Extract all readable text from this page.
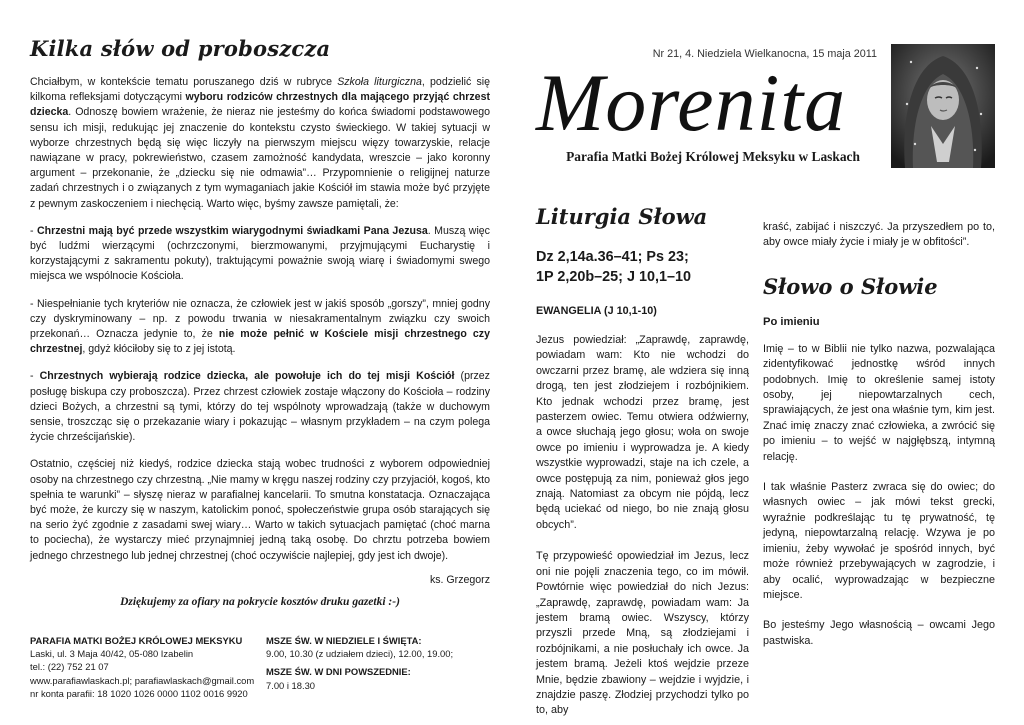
Kilka słów od proboszcza

Chciałbym, w kontekście tematu poruszanego dziś w rubryce Szkoła liturgiczna, podzielić się kilkoma refleksjami dotyczącymi wyboru rodziców chrzestnych dla mającego przyjąć chrzest dziecka. Odnoszę bowiem wrażenie, że nieraz nie jesteśmy do końca świadomi podstawowego sensu ich misji, redukując jej znaczenie do kontekstu czysto świeckiego. W takiej sytuacji w wyborze chrzestnych będą się więc liczyły na pierwszym miejscu więzy towarzyskie, relacje nawiązane w pracy, pokrewieństwo, czasem zamożność kandydata, wreszcie – jako koronny argument – przekonanie, że „dziecku się nie odmawia”… Przypomnienie o religijnej naturze zadań chrzestnych i o związanych z tym wymaganiach jakie Kościół im stawia może być przyjęte z pewnym zaskoczeniem i niechęcią. Warto więc, byśmy zawsze pamiętali, że:

- Chrzestni mają być przede wszystkim wiarygodnymi świadkami Pana Jezusa. Muszą więc być ludźmi wierzącymi (ochrzczonymi, bierzmowanymi, przyjmującymi Eucharystię i korzystającymi z sakramentu pokuty), traktującymi poważnie swoją wiarę i świadomymi swego miejsca we wspólnocie Kościoła.

- Niespełnianie tych kryteriów nie oznacza, że człowiek jest w jakiś sposób „gorszy”, mniej godny czy dyskryminowany – np. z powodu trwania w niesakramentalnym związku czy swoich przekonań… Oznacza jedynie to, że nie może pełnić w Kościele misji chrzestnego czy chrzestnej, gdyż kłóciłoby się to z jej istotą.

- Chrzestnych wybierają rodzice dziecka, ale powołuje ich do tej misji Kościół (przez posługę biskupa czy proboszcza). Przez chrzest człowiek zostaje włączony do Kościoła – rodziny dzieci Bożych, a chrzestni są tymi, którzy do tej wspólnoty wprowadzają (także w duchowym sensie, troszcząc się o przekazanie wiary i pokazując – własnym przykładem – na czym polega życie chrześcijańskie).

Ostatnio, częściej niż kiedyś, rodzice dziecka stają wobec trudności z wyborem odpowiedniej osoby na chrzestnego czy chrzestną. „Nie mamy w kręgu naszej rodziny czy przyjaciół, kogoś, kto spełnia te warunki” – słyszę nieraz w parafialnej kancelarii. To smutna konstatacja. Oznaczająca być może, że kurczy się w naszym, katolickim ponoć, społeczeństwie grupa osób starających się na serio żyć zgodnie z zasadami swej wiary… Warto w takich sytuacjach pamiętać (choć marna to pociecha), że wystarczy mieć przynajmniej jedną taką osobę. Do chrztu potrzeba bowiem jednego chrzestnego lub jednej chrzestnej (choć oczywiście najlepiej, gdy jest ich dwoje).

ks. Grzegorz
Dziękujemy za ofiary na pokrycie kosztów druku gazetki :-)
PARAFIA MATKI BOŻEJ KRÓLOWEJ MEKSYKU
Laski, ul. 3 Maja 40/42, 05-080 Izabelin
tel.: (22) 752 21 07
www.parafiawlaskach.pl; parafiawlaskach@gmail.com
nr konta parafii: 18 1020 1026 0000 1102 0016 9920
MSZE ŚW. W NIEDZIELE I ŚWIĘTA:
9.00, 10.30 (z udziałem dzieci), 12.00, 19.00;
MSZE ŚW. W DNI POWSZEDNIE:
7.00 i 18.30
Nr 21, 4. Niedziela Wielkanocna, 15 maja 2011
Morenita
Parafia Matki Bożej Królowej Meksyku w Laskach
Liturgia Słowa
Dz 2,14a.36–41; Ps 23;
1P 2,20b–25; J 10,1–10
EWANGELIA (J 10,1-10)

Jezus powiedział: „Zaprawdę, zaprawdę, powiadam wam: Kto nie wchodzi do owczarni przez bramę, ale wdziera się inną drogą, ten jest złodziejem i rozbójnikiem. Kto jednak wchodzi przez bramę, jest pasterzem owiec. Temu otwiera odźwierny, a owce słuchają jego głosu; woła on swoje owce po imieniu i wyprowadza je. A kiedy wszystkie wyprowadzi, staje na ich czele, a owce postępują za nim, ponieważ głos jego znają. Natomiast za obcym nie pójdą, lecz będą uciekać od niego, bo nie znają głosu obcych”.

Tę przypowieść opowiedział im Jezus, lecz oni nie pojęli znaczenia tego, co im mówił. Powtórnie więc powiedział do nich Jezus: „Zaprawdę, zaprawdę, powiadam wam: Ja jestem bramą owiec. Wszyscy, którzy przyszli przede Mną, są złodziejami i rozbójnikami, a nie posłuchały ich owce. Ja jestem bramą. Jeżeli ktoś wejdzie przeze Mnie, będzie zbawiony – wejdzie i wyjdzie, i znajdzie paszę. Złodziej przychodzi tylko po to, aby

kraść, zabijać i niszczyć. Ja przyszedłem po to, aby owce miały życie i miały je w obfitości”.

Słowo o Słowie
Po imieniu

Imię – to w Biblii nie tylko nazwa, pozwalająca zidentyfikować jednostkę wśród innych podobnych. Imię to określenie samej istoty osoby, jej niepowtarzalnych cech, sprawiających, że jest ona właśnie tym, kim jest. Znać imię znaczy znać człowieka, a zwrócić się po imieniu – to wejść w najgłębszą, intymną relację.

I tak właśnie Pasterz zwraca się do owiec; do własnych owiec – jak mówi tekst grecki, wyraźnie podkreślając tu tę prywatność, tę jedyną, niepowtarzalną relację. Wzywa je po imieniu, żeby wywołać je spośród innych, być może również przebywających w zagrodzie, i aby ocalić, wyprowadzając w bezpieczne miejsce.

Bo jesteśmy Jego własnością – owcami Jego pastwiska.
